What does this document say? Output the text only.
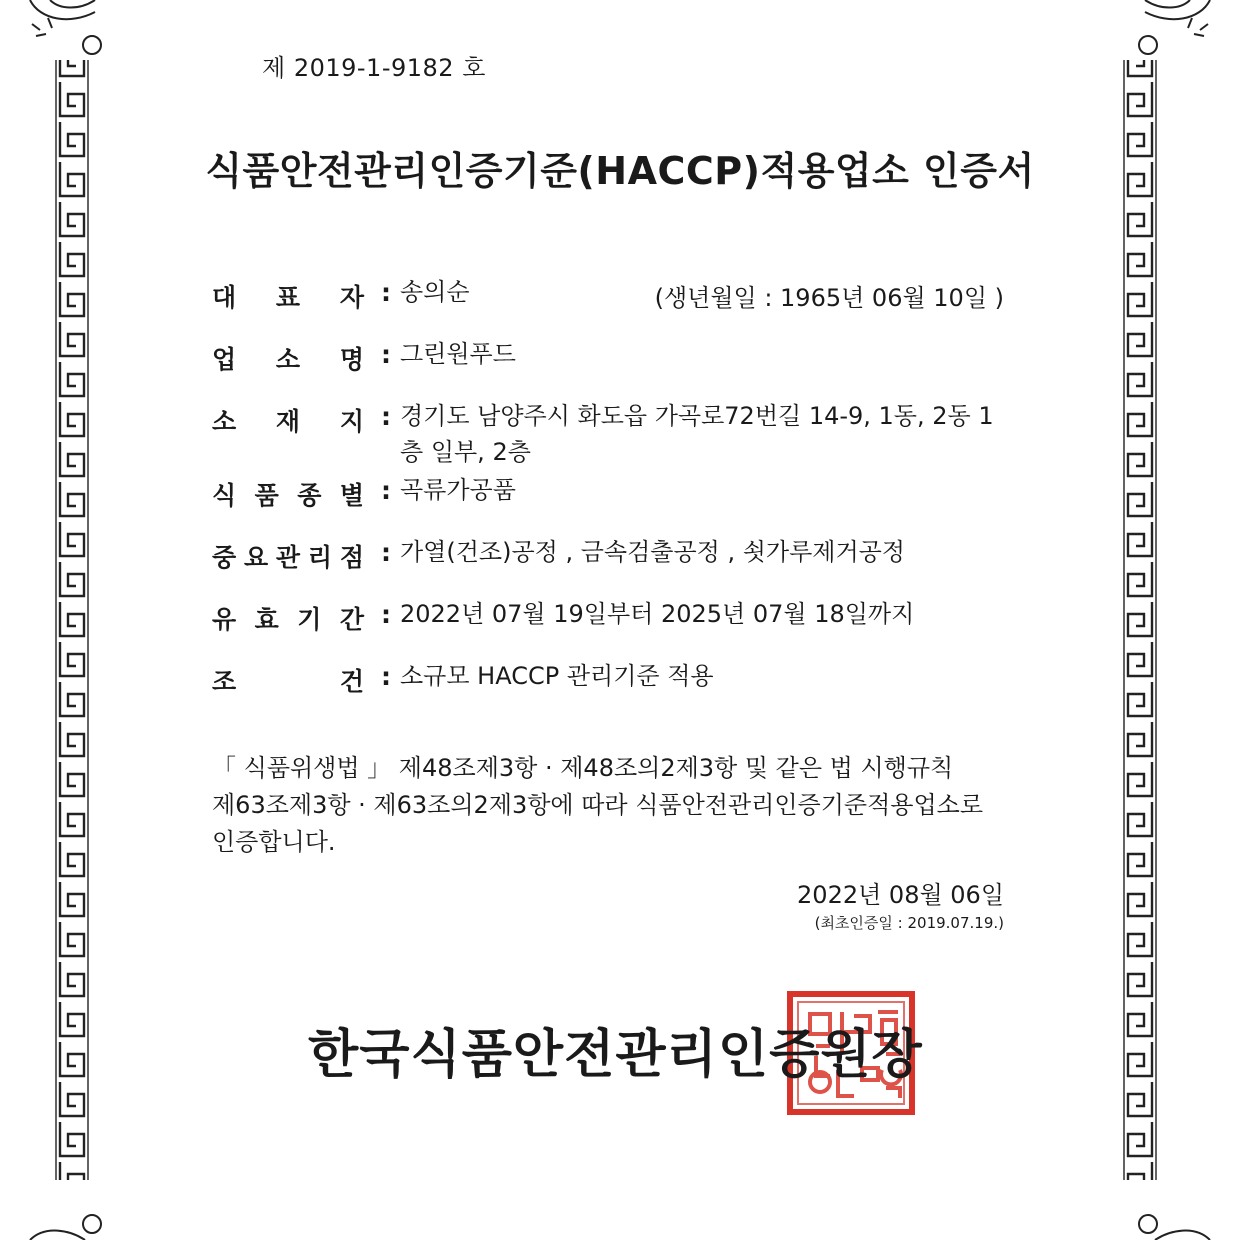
제 2019-1-9182 호
식품안전관리인증기준(HACCP)적용업소 인증서
대 표 자 : 송의순	(생년월일 : 1965년 06월 10일 )
업 소 명 : 그린원푸드
소 재 지 : 경기도 남양주시 화도읍 가곡로72번길 14-9, 1동, 2동 1
층 일부, 2층
식 품 종 별 : 곡류가공품
중 요 관 리 점 : 가열(건조)공정 , 금속검출공정 , 쇳가루제거공정
유 효 기 간 : 2022년 07월 19일부터 2025년 07월 18일까지
조	건 : 소규모 HACCP 관리기준 적용
「 식품위생법 」 제48조제3항 · 제48조의2제3항 및 같은 법 시행규칙
제63조제3항 · 제63조의2제3항에 따라 식품안전관리인증기준적용업소로
인증합니다.
2022년 08월 06일
(최초인증일 : 2019.07.19.)
한국식품안전관리인증원장
